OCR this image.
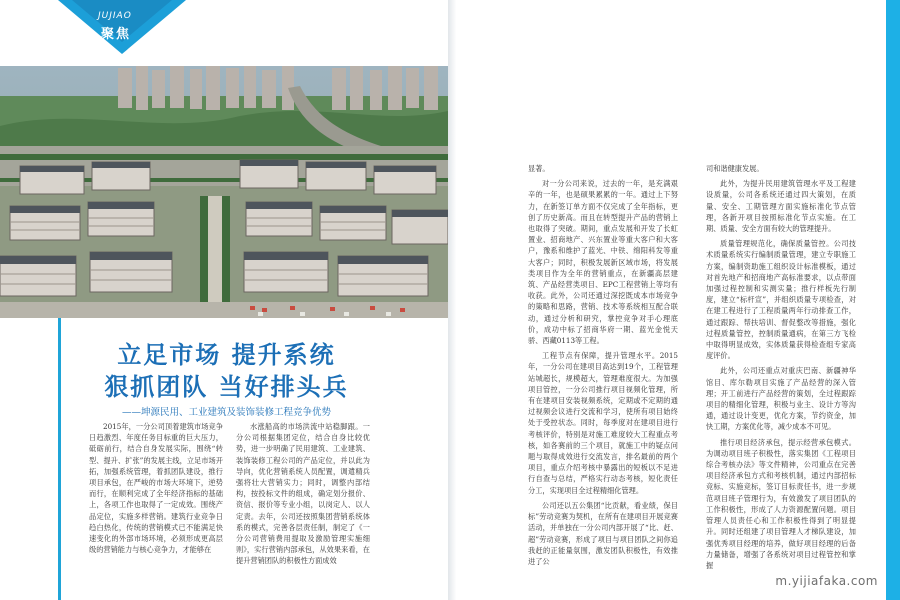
JUJIAO
聚焦
立足市场 提升系统
狠抓团队 当好排头兵
——坤源民用、工业建筑及装饰装修工程竞争优势
2015年，一分公司顶着建筑市场竞争日趋激烈、年度任务目标重的巨大压力，砥砺前行，结合自身发展实际，围绕“转型、提升、扩张”的发展主线，立足市场开拓，加强系统管理，着抓团队建设，推行项目承包，在严峻的市场大环境下，逆势而行，在顺利完成了全年经济指标的基础上，各项工作也取得了一定成效。围绕产品定位，实施多样营销。建筑行业竞争日趋白热化，传统的营销模式已不能满足快速变化的外部市场环境，必须形成更高层级的营销能力与核心竞争力，才能够在
水涨船高的市场洪流中站稳脚跟。一分公司根据集团定位，结合自身比较优势，进一步明确了民用建筑、工业建筑、装饰装修工程公司的产品定位，并以此为导向，优化营销系统人员配置，调遣精兵强将壮大营销实力；同时，调整内部结构，按投标文件的组成，确定划分报价、资信、报价等专业小组，以岗定人、以人定责。去年，公司还按照集团营销系统体系的模式，完善各层责任制，制定了《一分公司营销费用提取及激励管理实施细则》，实行营销内部承包，从效果来看，在提升营销团队的积极性方面成效

显著。

对一分公司来说，过去的一年，是充满艰辛的一年，也是硕果累累的一年。通过上下努力，在新签订单方面不仅完成了全年指标，更创了历史新高。而且在转型提升产品的营销上也取得了突破。期间，重点发展和开发了长虹置业、招商地产、兴东置业等重大客户和大客户，豫系和维护了蓝光、中铁、绵阳科发等重大客户；同时，积极发展新区域市场，将发展类项目作为全年的营销重点，在新疆高层建筑、产品经营类项目、EPC工程营销上等均有收获。此外，公司还通过深挖既成本市场竞争的策略和思路，营销、技术等系统相互配合联动，通过分析和研究，掌控竞争对手心理底价，成功中标了招商华府一期、蓝光金悦天骄、西藏0113等工程。

工程节点有保障，提升管理水平。2015年，一分公司在建项目高达到19个，工程管理站城超长，规模超大，管理难度很大。为加强项目管控，一分公司推行项目视频化管理，所有在建项目安装视频系统，定期或不定期的通过视频会议进行交流和学习，使所有项目始终处于受控状态。同时，每季度对在建项目进行考核评价，特别是对施工难度较大工程重点考核，如各赛前的三个项目，就施工中的疑点问题与取得成效进行交流发言，排名最前的两个项目，重点介绍考核中暴露出的短板以不足进行自查与总结，严格实行动态考核，短化责任分工，实现项目全过程精细化管理。

公司还以五公集团“比贡献，看业绩，保目标”劳动竞赛为契机，在所有在建项目开展竞赛活动，并单独在一分公司内部开展了“比、赶、超”劳动竞赛，形成了项目与项目团队之间你追我赶的正能量氛围，激发团队积极性，有效推进了公

司和谐健康发展。

此外，为提升民用建筑管理水平及工程建设质量，公司各系统还通过四大策划，在质量、安全、工期管理方面实施标准化节点管理，各新开项目按照标准化节点实施。在工期、质量、安全方面有较大的管理提升。

质量管理规范化，确保质量管控。公司技术质量系统实行编制质量管理，建立专职施工方案，编制资助施工组织设计标准模板，通过对首先地产和招商地产高标准要求，以点带面加强过程控制和实测实量；推行样板先行制度，建立“标杆宣”，并组织质量专项检查，对在建工程进行了工程质量两年行动排查工作，通过跟踪、帮扶培训、督促整改等措施，强化过程质量管控，控制质量通病，在第三方飞检中取得明显成效，实体质量获得检查组专家高度评价。

此外，公司还重点对重庆巴南、新疆神华馆目、库尔勒项目实施了产品经营的深入管理；开工前进行产品经营的策划，全过程跟踪项目的精细化管理，积极与业主、设计方等沟通，通过设计变更，优化方案，节约资金，加快工期，方案优化等，减少成本不可见。

推行项目经济承包，提示经营承包模式。为调动项目班子积极性，落实集团《工程项目综合考核办法》等文件精神，公司重点在完善项目经济承包方式和考核机制，通过内部招标竞标、实施竞标，签订目标责任书，进一步规范项目班子管理行为，有效激发了项目团队的工作积极性，形成了人力资源配置问题。项目管理人员责任心和工作积极性得到了明显提升。同时还组建了项目管理人才梯队建设，加强优秀项目经理的培养，做好项目经理的后备力量储备，增强了各系统对项目过程管控和掌握

m.yijiafaka.com
